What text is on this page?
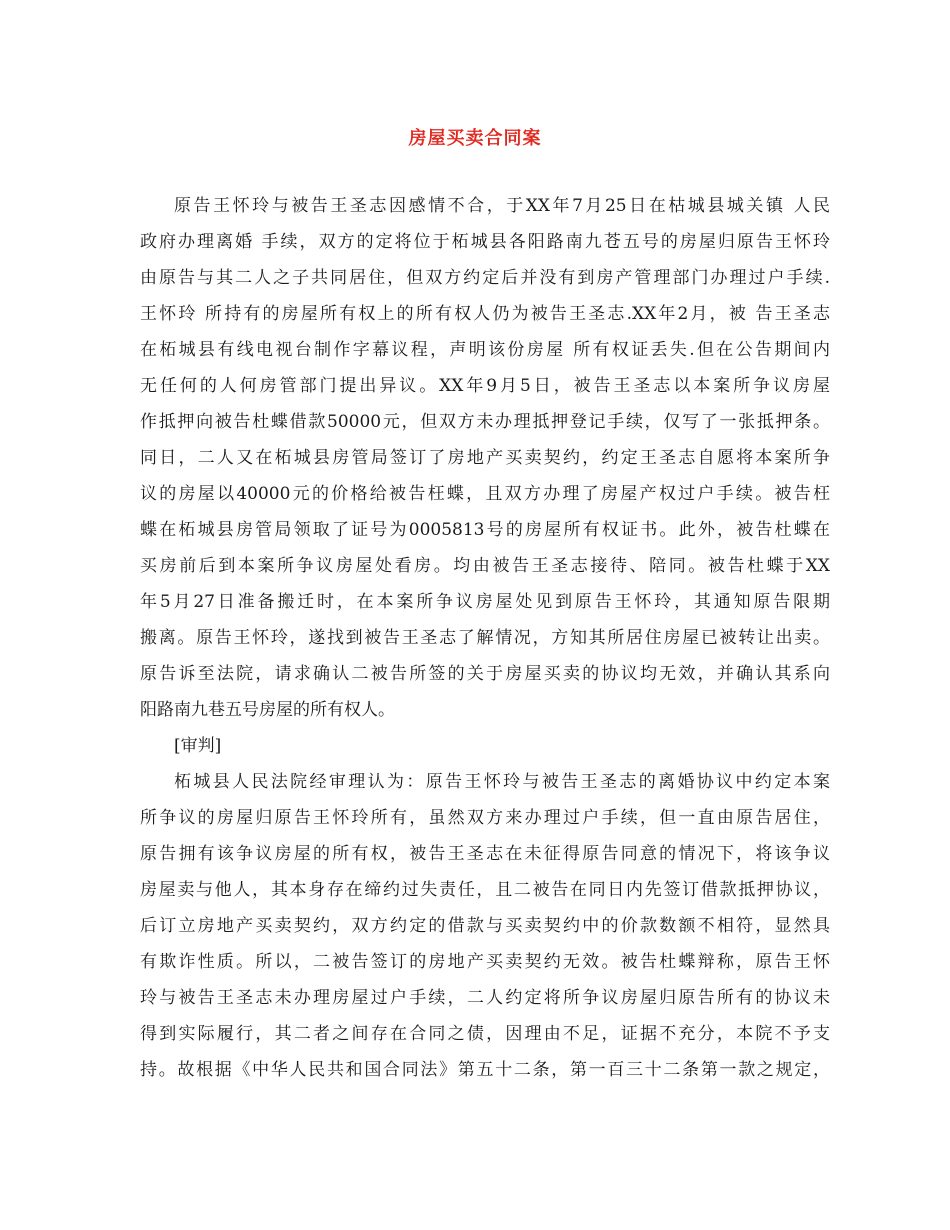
房屋买卖合同案
原告王怀玲与被告王圣志因感情不合，于XX年7月25日在枯城县城关镇 人民
政府办理离婚 手续，双方的定将位于柘城县各阳路南九苍五号的房屋归原告王怀玲
由原告与其二人之子共同居住，但双方约定后并没有到房产管理部门办理过户手续.
王怀玲 所持有的房屋所有权上的所有权人仍为被告王圣志.XX年2月，被 告王圣志
在柘城县有线电视台制作字幕议程，声明该份房屋 所有权证丢失.但在公告期间内
无任何的人何房管部门提出异议。XX年9月5日，被告王圣志以本案所争议房屋
作抵押向被告杜蝶借款50000元，但双方未办理抵押登记手续，仅写了一张抵押条。
同日，二人又在柘城县房管局签订了房地产买卖契约，约定王圣志自愿将本案所争
议的房屋以40000元的价格给被告枉蝶，且双方办理了房屋产权过户手续。被告枉
蝶在柘城县房管局领取了证号为0005813号的房屋所有权证书。此外，被告杜蝶在
买房前后到本案所争议房屋处看房。均由被告王圣志接待、陪同。被告杜蝶于XX
年5月27日准备搬迁时，在本案所争议房屋处见到原告王怀玲，其通知原告限期
搬离。原告王怀玲，遂找到被告王圣志了解情况，方知其所居住房屋已被转让出卖。
原告诉至法院，请求确认二被告所签的关于房屋买卖的协议均无效，并确认其系向
阳路南九巷五号房屋的所有权人。
[审判]
柘城县人民法院经审理认为：原告王怀玲与被告王圣志的离婚协议中约定本案
所争议的房屋归原告王怀玲所有，虽然双方来办理过户手续，但一直由原告居住，
原告拥有该争议房屋的所有权，被告王圣志在未征得原告同意的情况下，将该争议
房屋卖与他人，其本身存在缔约过失责任，且二被告在同日内先签订借款抵押协议，
后订立房地产买卖契约，双方约定的借款与买卖契约中的价款数额不相符，显然具
有欺诈性质。所以，二被告签订的房地产买卖契约无效。被告杜蝶辩称，原告王怀
玲与被告王圣志未办理房屋过户手续，二人约定将所争议房屋归原告所有的协议未
得到实际履行，其二者之间存在合同之债，因理由不足，证据不充分，本院不予支
持。故根据《中华人民共和国合同法》第五十二条，第一百三十二条第一款之规定，
